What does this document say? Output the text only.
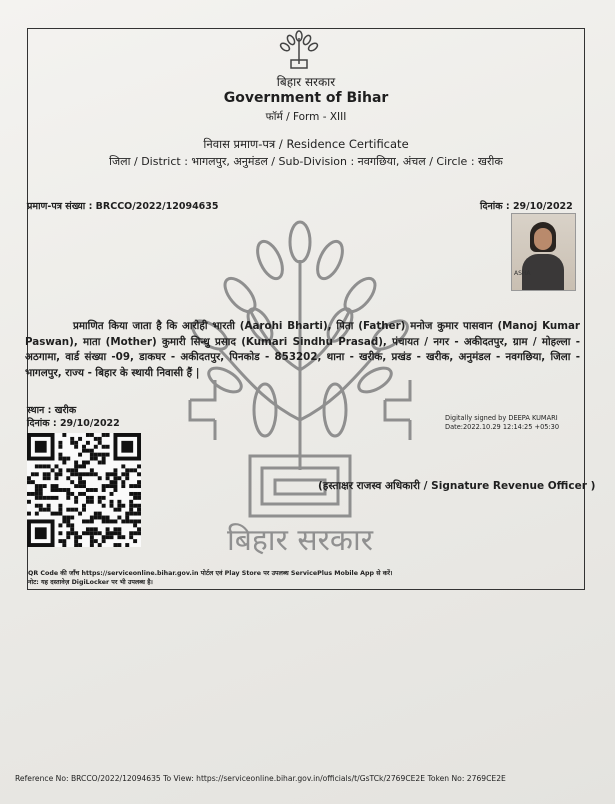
बिहार सरकार
बिहार सरकार
Government of Bihar
फॉर्म / Form - XIII
निवास प्रमाण-पत्र / Residence Certificate
जिला / District : भागलपुर, अनुमंडल / Sub-Division : नवगछिया, अंचल / Circle : खरीक
प्रमाण-पत्र संख्या : BRCCO/2022/12094635	दिनांक : 29/10/2022
ASHA
प्रमाणित किया जाता है कि आरोही भारती (Aarohi Bharti), पिता (Father) मनोज कुमार पासवान (Manoj Kumar Paswan), माता (Mother) कुमारी सिन्धु प्रसाद (Kumari Sindhu Prasad), पंचायत / नगर - अकीदतपुर, ग्राम / मोहल्ला - अठगामा, वार्ड संख्या -09, डाकघर - अकीदतपुर, पिनकोड - 853202, थाना - खरीक, प्रखंड - खरीक, अनुमंडल - नवगछिया, जिला - भागलपुर, राज्य - बिहार के स्थायी निवासी हैं |
स्थान : खरीक
दिनांक : 29/10/2022	Digitally signed by DEEPA KUMARI
Date:2022.10.29 12:14:25 +05:30
(हस्ताक्षर राजस्व अधिकारी / Signature Revenue Officer )
QR Code की जाँच https://serviceonline.bihar.gov.in पोर्टल एवं Play Store पर उपलब्ध ServicePlus Mobile App से करें।
नोट: यह दस्तावेज़ DigiLocker पर भी उपलब्ध है।
Reference No: BRCCO/2022/12094635 To View: https://serviceonline.bihar.gov.in/officials/t/GsTCk/2769CE2E Token No: 2769CE2E
